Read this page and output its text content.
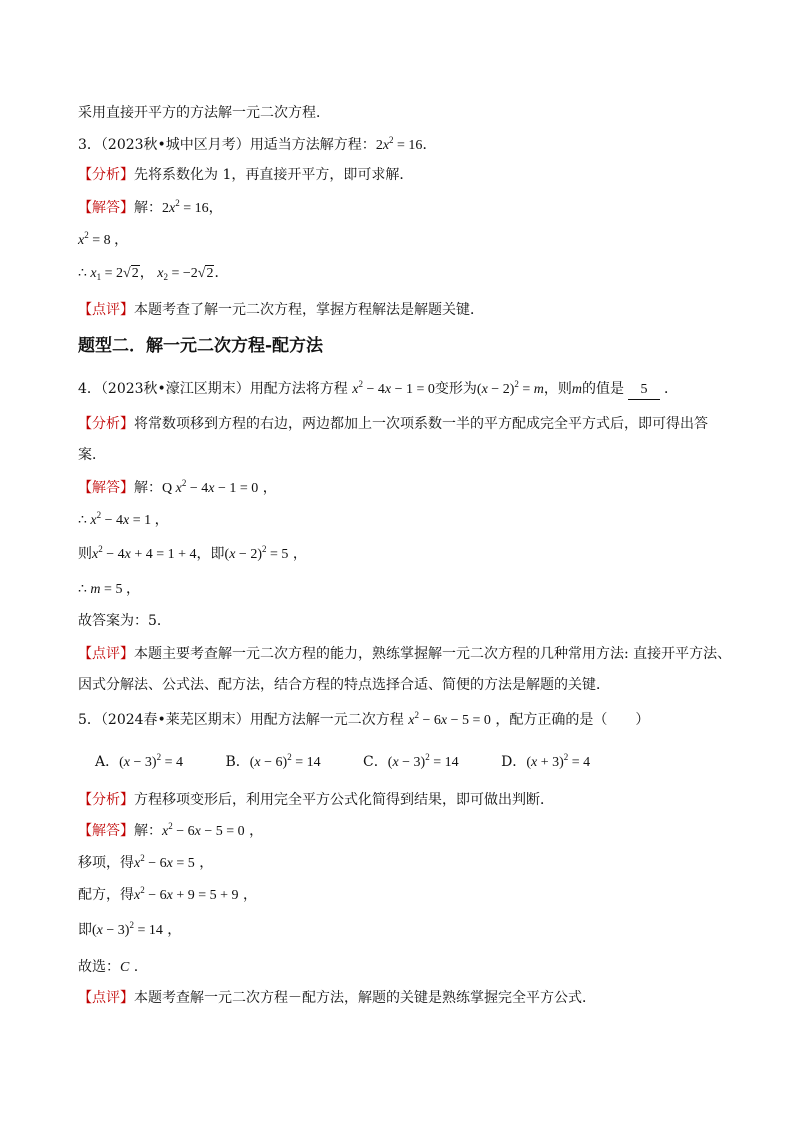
采用直接开平方的方法解一元二次方程．
3．（2023秋•城中区月考）用适当方法解方程：$2x^2 = 16$．
【分析】先将系数化为 1，再直接开平方，即可求解．
【解答】解：$2x^2 = 16$，
$x^2 = 8$ ，
∴ $x_1 = 2√2$， $x_2 = -2√2$．
【点评】本题考查了解一元二次方程，掌握方程解法是解题关键．
题型二．解一元二次方程-配方法
4．（2023秋•濠江区期末）用配方法将方程 $x^2 - 4x - 1 = 0$变形为$(x - 2)^2 = m$，则m的值是 5 ．
【分析】将常数项移到方程的右边，两边都加上一次项系数一半的平方配成完全平方式后，即可得出答
案．
【解答】解：Q $x^2 - 4x - 1 = 0$ ，
∴ $x^2 - 4x = 1$ ，
则$x^2 - 4x + 4 = 1 + 4$，即$(x - 2)^2 = 5$ ，
∴ m = 5 ，
故答案为：5．
【点评】本题主要考查解一元二次方程的能力，熟练掌握解一元二次方程的几种常用方法: 直接开平方法、
因式分解法、公式法、配方法，结合方程的特点选择合适、简便的方法是解题的关键．
5．（2024春•莱芜区期末）用配方法解一元二次方程 $x^2 - 6x - 5 = 0$ ，配方正确的是（　　）
A．$(x - 3)^2 = 4$	B．$(x - 6)^2 = 14$	C．$(x - 3)^2 = 14$	D．$(x + 3)^2 = 4$
【分析】方程移项变形后，利用完全平方公式化简得到结果，即可做出判断．
【解答】解：$x^2 - 6x - 5 = 0$ ，
移项，得$x^2 - 6x = 5$ ，
配方，得$x^2 - 6x + 9 = 5 + 9$ ，
即$(x - 3)^2 = 14$ ，
故选：C .
【点评】本题考查解一元二次方程－配方法，解题的关键是熟练掌握完全平方公式．
